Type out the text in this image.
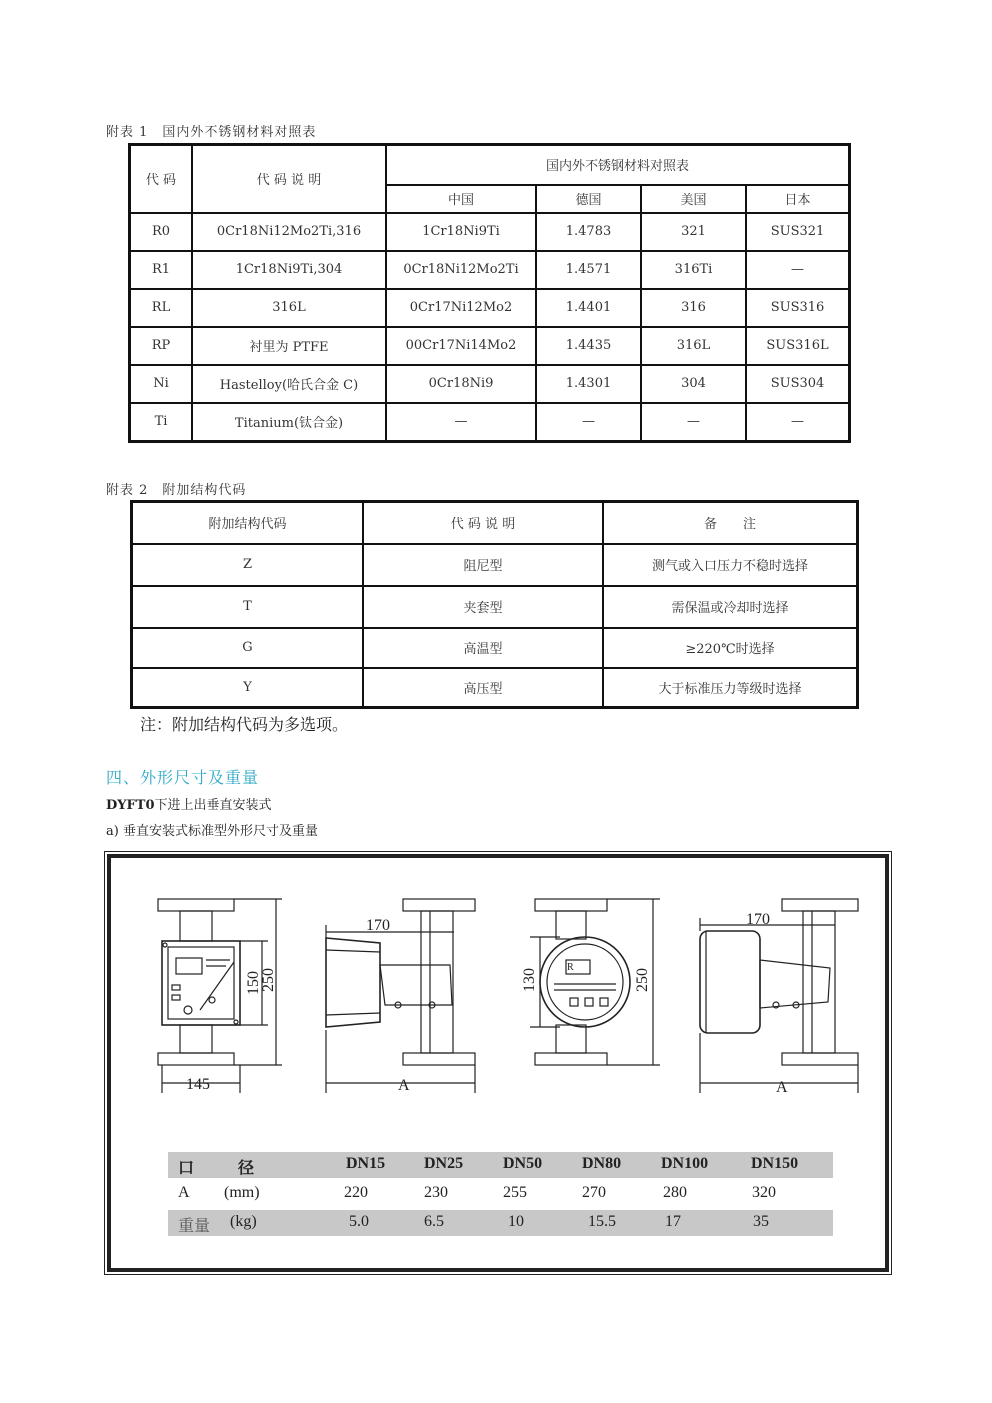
附表 1　国内外不锈钢材料对照表
代 码	代 码 说 明	国内外不锈钢材料对照表			
		中国	德国	美国	日本
R0	0Cr18Ni12Mo2Ti,316	1Cr18Ni9Ti	1.4783	321	SUS321
R1	1Cr18Ni9Ti,304	0Cr18Ni12Mo2Ti	1.4571	316Ti	—
RL	316L	0Cr17Ni12Mo2	1.4401	316	SUS316
RP	衬里为 PTFE	00Cr17Ni14Mo2	1.4435	316L	SUS316L
Ni	Hastelloy(哈氏合金 C)	0Cr18Ni9	1.4301	304	SUS304
Ti	Titanium(钛合金)	—	—	—	—
附表 2　附加结构代码
附加结构代码	代 码 说 明	备　　注
Z	阻尼型	测气或入口压力不稳时选择
T	夹套型	需保温或冷却时选择
G	高温型	≥220℃时选择
Y	高压型	大于标准压力等级时选择
注：附加结构代码为多选项。
四、外形尺寸及重量
DYFT0下进上出垂直安装式
a) 垂直安装式标准型外形尺寸及重量
145
150
250
170
A
R
130	250
170
A
口	径	DN15 DN25 DN50 DN80 DN100	DN150
A (mm)	220	230	255	270	280	320
重量 (kg)	5.0	6.5	10	15.5	17	35
